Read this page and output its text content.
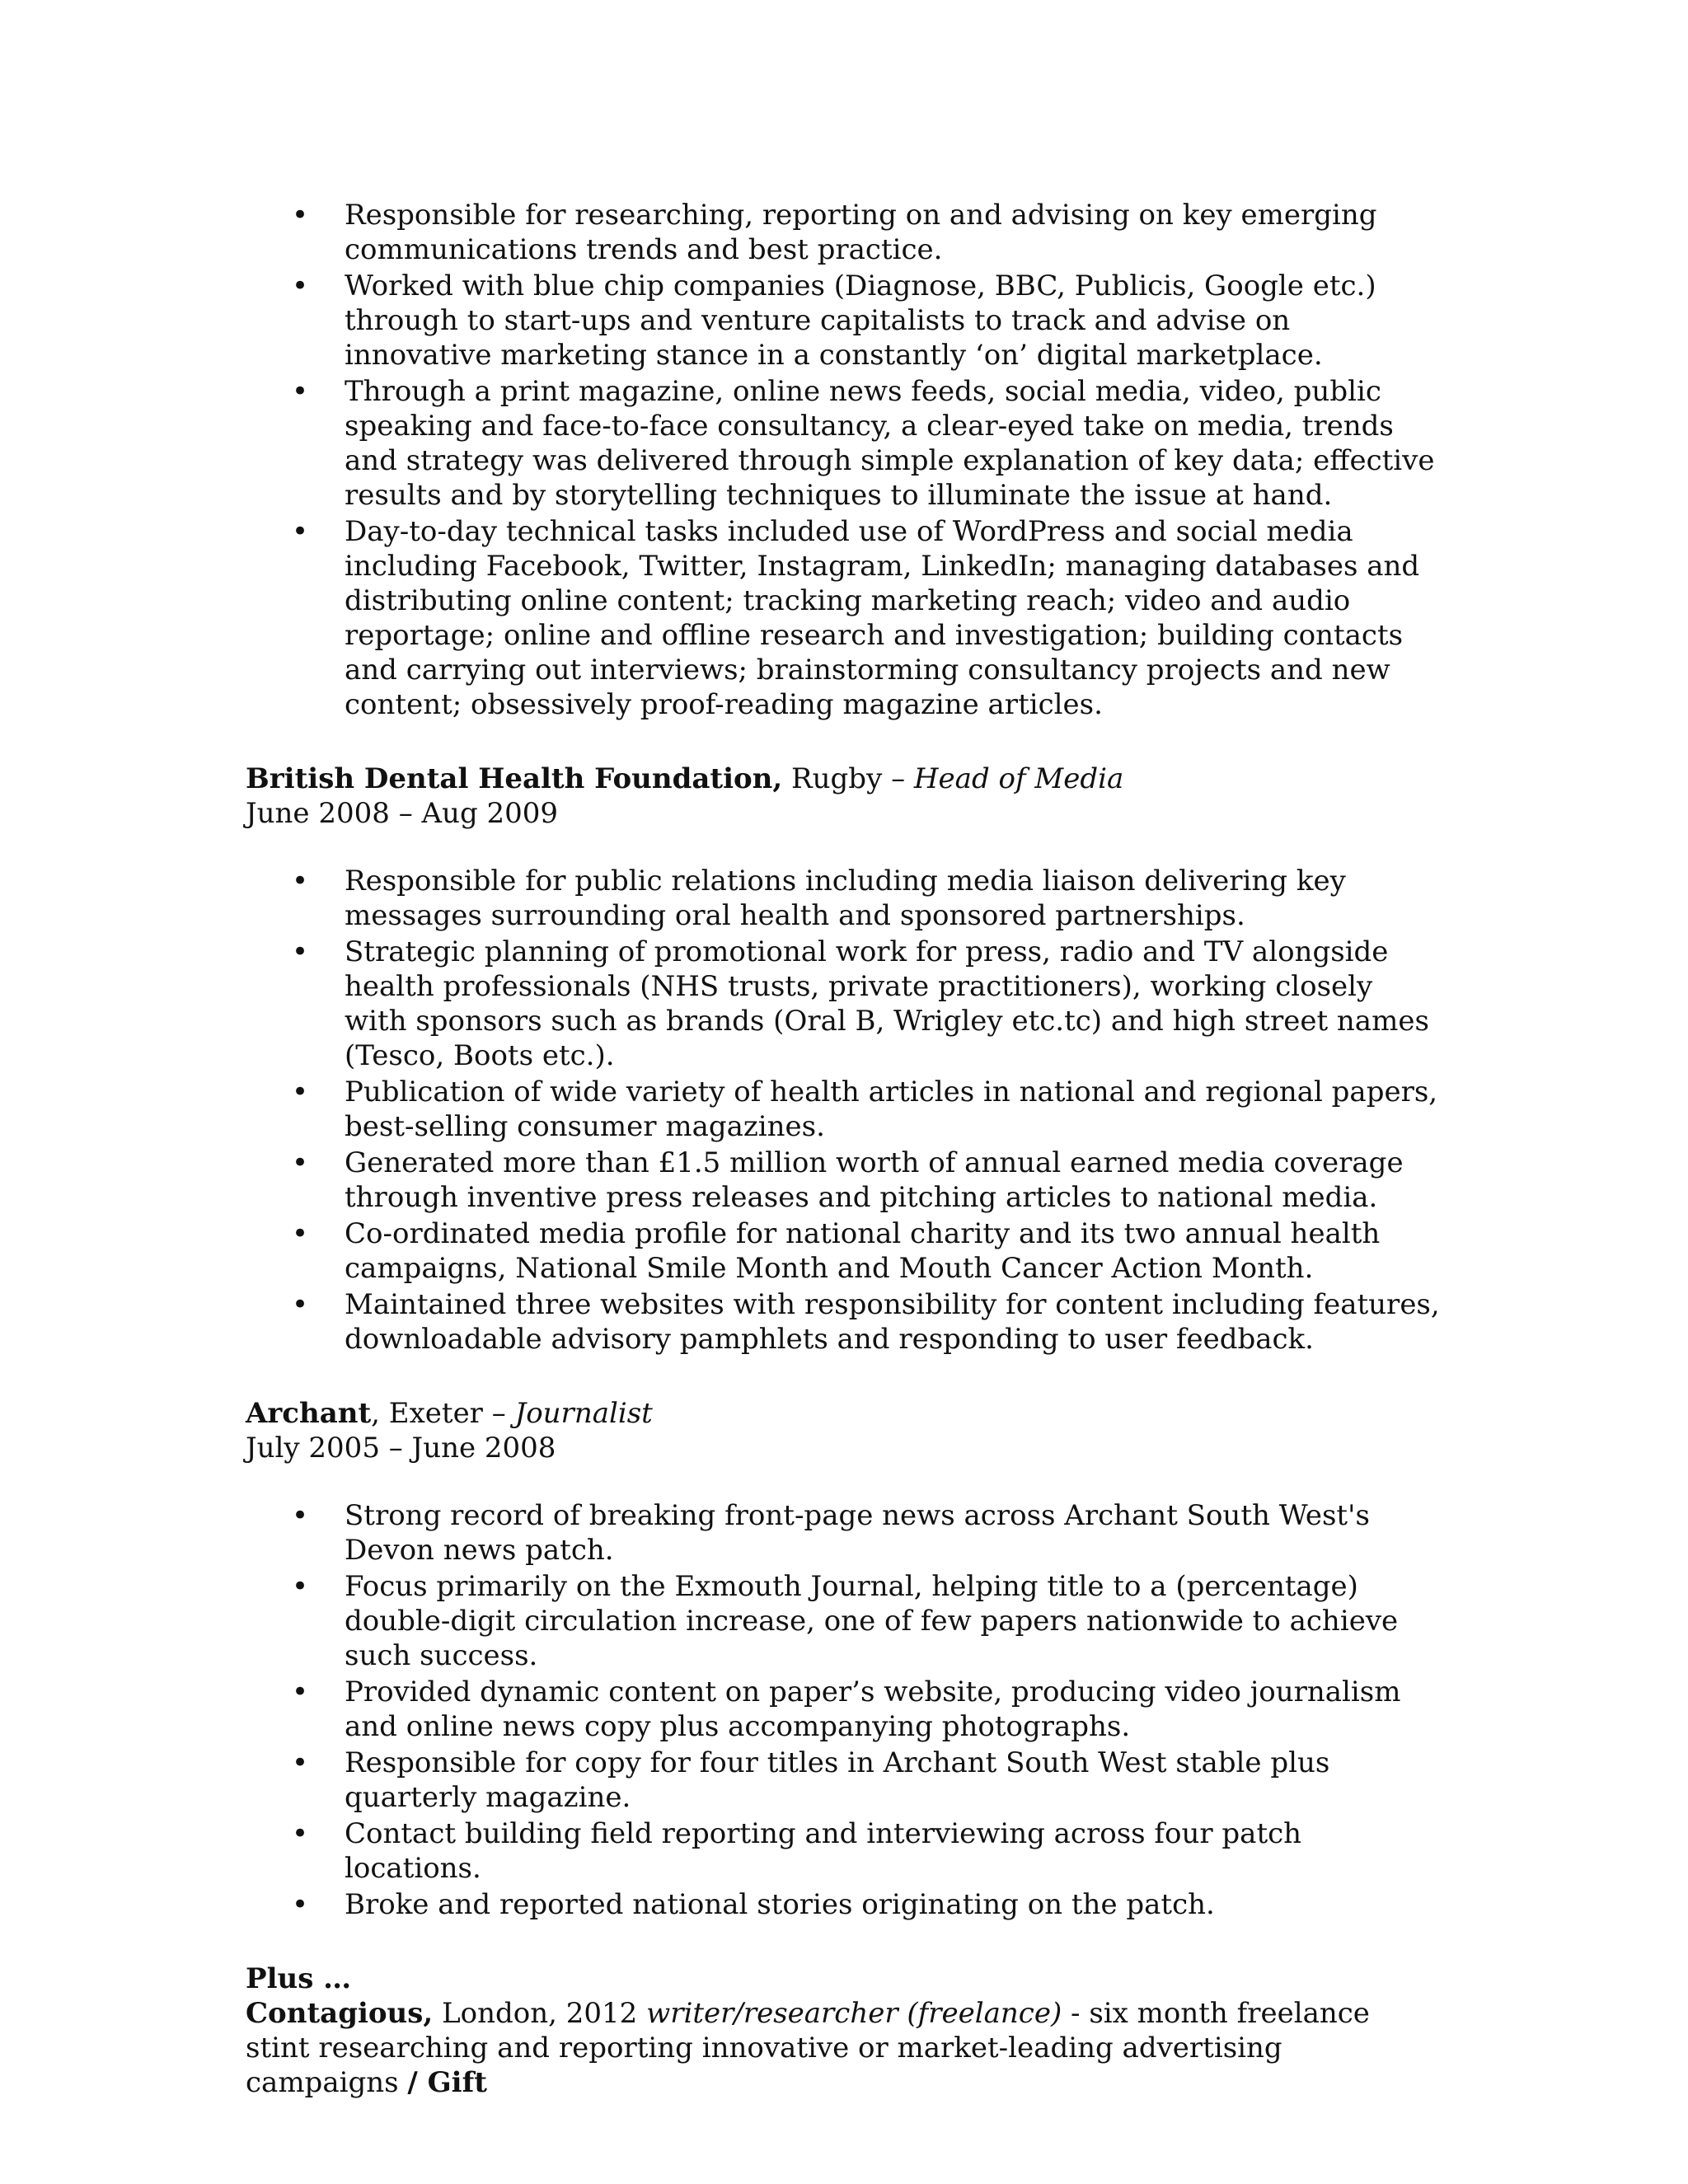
• Responsible for researching, reporting on and advising on key emerging communications trends and best practice.
• Worked with blue chip companies (Diagnose, BBC, Publicis, Google etc.) through to start-ups and venture capitalists to track and advise on innovative marketing stance in a constantly ‘on’ digital marketplace.
• Through a print magazine, online news feeds, social media, video, public speaking and face-to-face consultancy, a clear-eyed take on media, trends and strategy was delivered through simple explanation of key data; effective results and by storytelling techniques to illuminate the issue at hand.
• Day-to-day technical tasks included use of WordPress and social media including Facebook, Twitter, Instagram, LinkedIn; managing databases and distributing online content; tracking marketing reach; video and audio reportage; online and offline research and investigation; building contacts and carrying out interviews; brainstorming consultancy projects and new content; obsessively proof-reading magazine articles.
British Dental Health Foundation, Rugby – Head of Media
June 2008 – Aug 2009
• Responsible for public relations including media liaison delivering key messages surrounding oral health and sponsored partnerships.
• Strategic planning of promotional work for press, radio and TV alongside health professionals (NHS trusts, private practitioners), working closely with sponsors such as brands (Oral B, Wrigley etc.tc) and high street names (Tesco, Boots etc.).
• Publication of wide variety of health articles in national and regional papers, best-selling consumer magazines.
• Generated more than £1.5 million worth of annual earned media coverage through inventive press releases and pitching articles to national media.
• Co-ordinated media profile for national charity and its two annual health campaigns, National Smile Month and Mouth Cancer Action Month.
• Maintained three websites with responsibility for content including features, downloadable advisory pamphlets and responding to user feedback.
Archant, Exeter – Journalist
July 2005 – June 2008
• Strong record of breaking front-page news across Archant South West's Devon news patch.
• Focus primarily on the Exmouth Journal, helping title to a (percentage) double-digit circulation increase, one of few papers nationwide to achieve such success.
• Provided dynamic content on paper’s website, producing video journalism and online news copy plus accompanying photographs.
• Responsible for copy for four titles in Archant South West stable plus quarterly magazine.
• Contact building field reporting and interviewing across four patch locations.
• Broke and reported national stories originating on the patch.
Plus …
Contagious, London, 2012 writer/researcher (freelance) - six month freelance stint researching and reporting innovative or market-leading advertising campaigns / Gift
